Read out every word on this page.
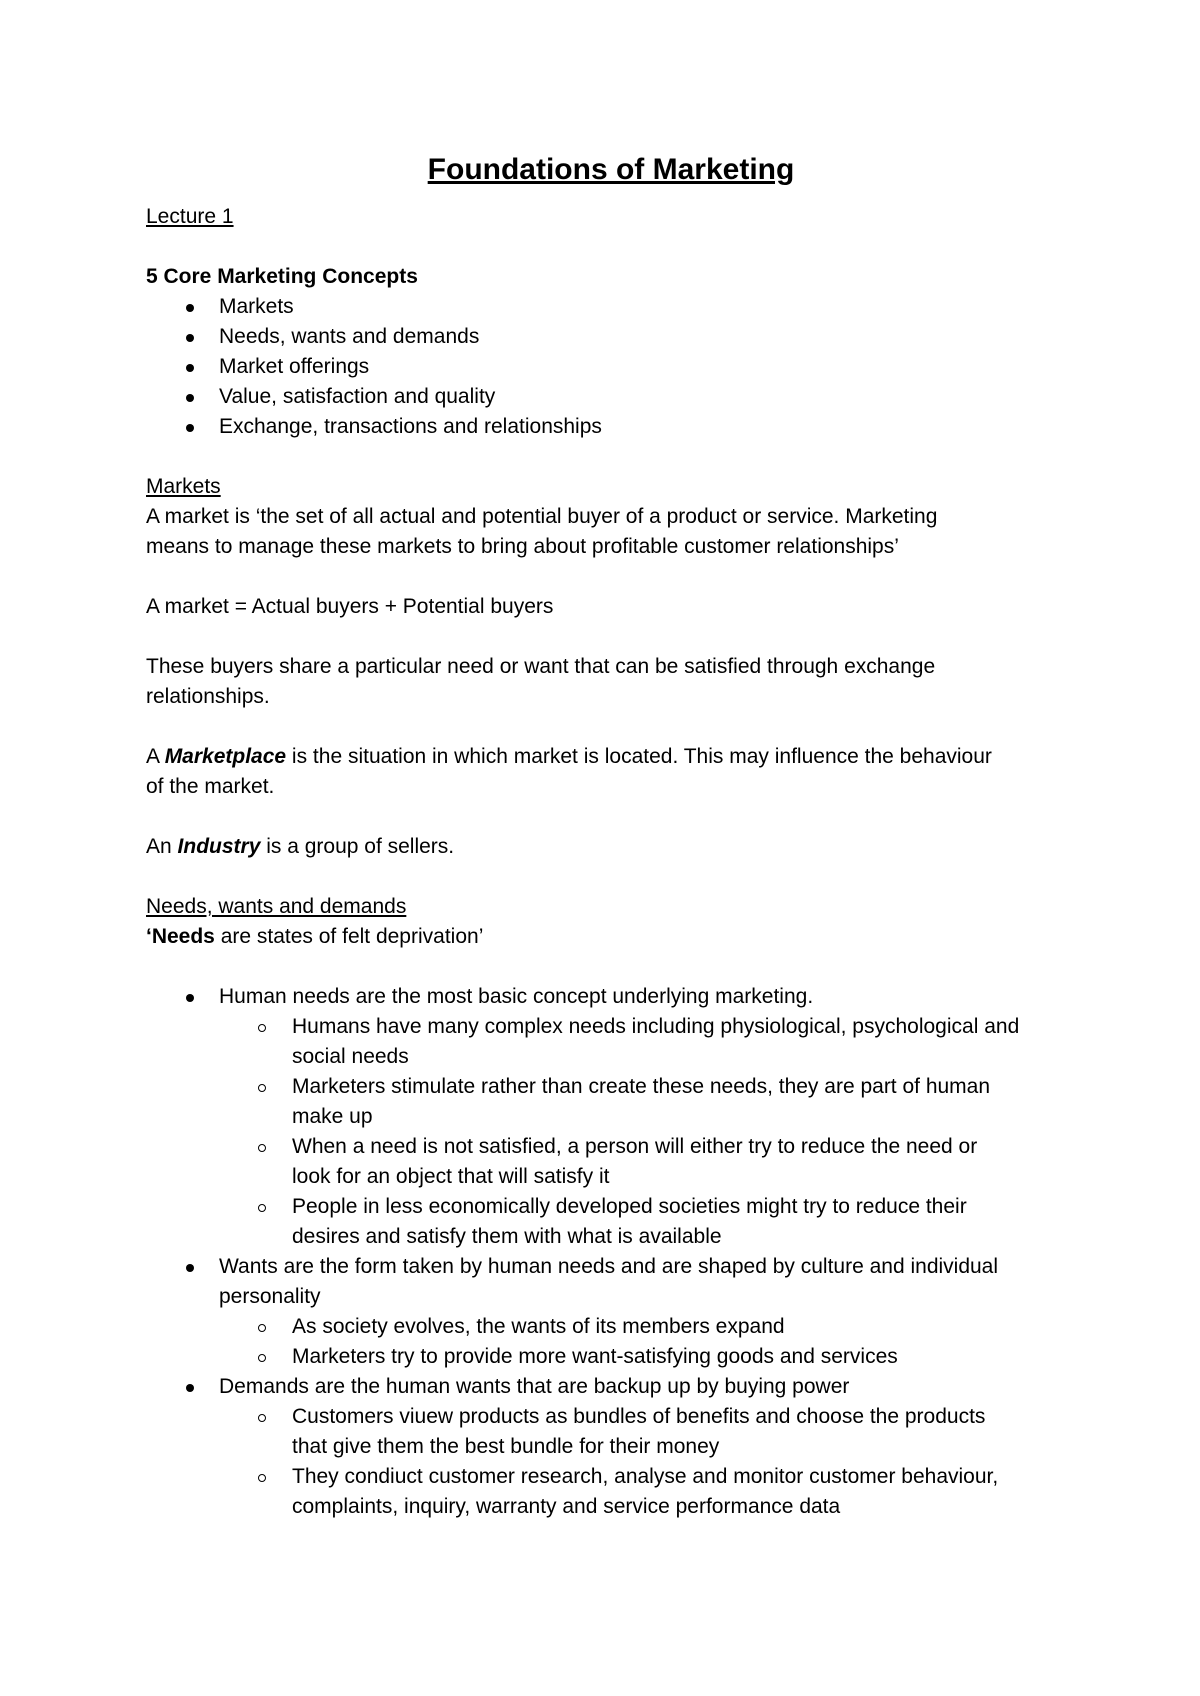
Foundations of Marketing

Lecture 1

5 Core Marketing Concepts

Markets
Needs, wants and demands
Market offerings
Value, satisfaction and quality
Exchange, transactions and relationships

Markets

A market is ‘the set of all actual and potential buyer of a product or service. Marketing

means to manage these markets to bring about profitable customer relationships’

A market = Actual buyers + Potential buyers

These buyers share a particular need or want that can be satisfied through exchange

relationships.

A Marketplace is the situation in which market is located. This may influence the behaviour

of the market.

An Industry is a group of sellers.

Needs, wants and demands

‘Needs are states of felt deprivation’

Human needs are the most basic concept underlying marketing.
Humans have many complex needs including physiological, psychological and
social needs
Marketers stimulate rather than create these needs, they are part of human
make up
When a need is not satisfied, a person will either try to reduce the need or
look for an object that will satisfy it
People in less economically developed societies might try to reduce their
desires and satisfy them with what is available
Wants are the form taken by human needs and are shaped by culture and individual
personality
As society evolves, the wants of its members expand
Marketers try to provide more want-satisfying goods and services
Demands are the human wants that are backup up by buying power
Customers viuew products as bundles of benefits and choose the products
that give them the best bundle for their money
They condiuct customer research, analyse and monitor customer behaviour,
complaints, inquiry, warranty and service performance data
